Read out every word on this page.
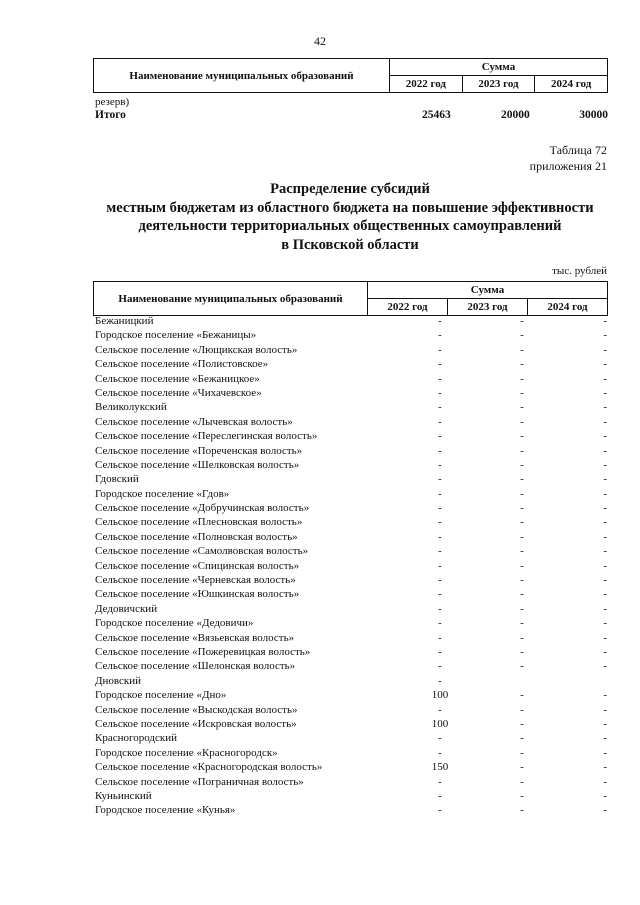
42
Наименование муниципальных образований	Сумма		
	2022 год	2023 год	2024 год
резерв)
Итого	25463	20000	30000
Таблица 72
приложения 21
Распределение субсидий
местным бюджетам из областного бюджета на повышение эффективности
деятельности территориальных общественных самоуправлений
в Псковской области
тыс. рублей
Наименование муниципальных образований	Сумма		
	2022 год	2023 год	2024 год
Бежаницкий	-	-	-
Городское поселение «Бежаницы»	-	-	-
Сельское поселение «Лющикская волость»	-	-	-
Сельское поселение «Полистовское»	-	-	-
Сельское поселение «Бежаницкое»	-	-	-
Сельское поселение «Чихачевское»	-	-	-
Великолукский	-	-	-
Сельское поселение «Лычевская волость»	-	-	-
Сельское поселение «Переслегинская волость»	-	-	-
Сельское поселение «Пореченская волость»	-	-	-
Сельское поселение «Шелковская волость»	-	-	-
Гдовский	-	-	-
Городское поселение «Гдов»	-	-	-
Сельское поселение «Добручинская волость»	-	-	-
Сельское поселение «Плесновская волость»	-	-	-
Сельское поселение «Полновская волость»	-	-	-
Сельское поселение «Самолвовская волость»	-	-	-
Сельское поселение «Спицинская волость»	-	-	-
Сельское поселение «Черневская волость»	-	-	-
Сельское поселение «Юшкинская волость»	-	-	-
Дедовичский	-	-	-
Городское поселение «Дедовичи»	-	-	-
Сельское поселение «Вязьевская волость»	-	-	-
Сельское поселение «Пожеревицкая волость»	-	-	-
Сельское поселение «Шелонская волость»	-	-	-
Дновский	-
Городское поселение «Дно»	100	-	-
Сельское поселение «Выскодская волость»	-	-	-
Сельское поселение «Искровская волость»	100	-	-
Красногородский	-	-	-
Городское поселение «Красногородск»	-	-	-
Сельское поселение «Красногородская волость»	150	-	-
Сельское поселение «Пограничная волость»	-	-	-
Куньинский	-	-	-
Городское поселение «Кунья»	-	-	-
